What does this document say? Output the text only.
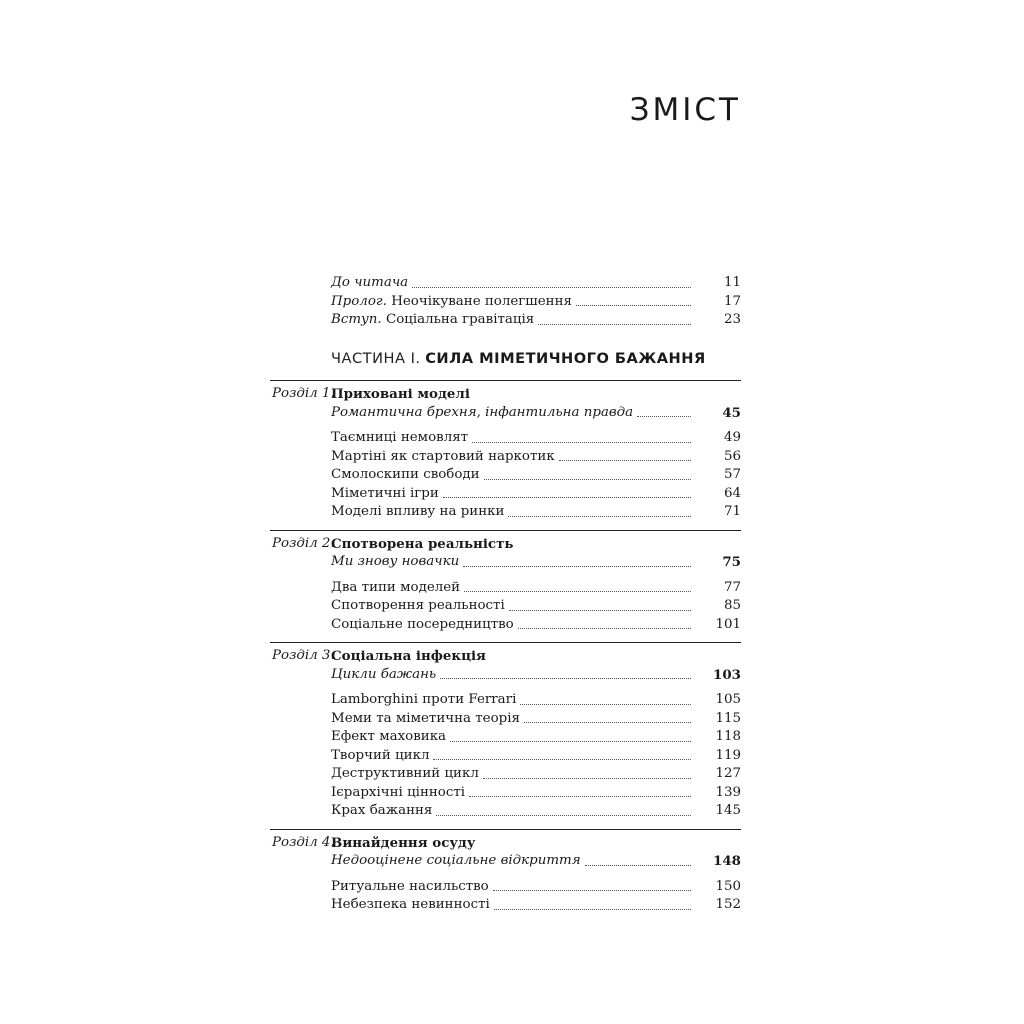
ЗМІСТ
До читача	11
Пролог. Неочікуване полегшення	17
Вступ. Соціальна гравітація	23
ЧАСТИНА І. СИЛА МІМЕТИЧНОГО БАЖАННЯ
Розділ 1.
Приховані моделі
Романтична брехня, інфантильна правда	45
Таємниці немовлят	49
Мартіні як стартовий наркотик	56
Смолоскипи свободи	57
Міметичні ігри	64
Моделі впливу на ринки	71
Розділ 2.
Спотворена реальність
Ми знову новачки	75
Два типи моделей	77
Спотворення реальності	85
Соціальне посередництво	101
Розділ 3.
Соціальна інфекція
Цикли бажань	103
Lamborghini проти Ferrari	105
Меми та міметична теорія	115
Ефект маховика	118
Творчий цикл	119
Деструктивний цикл	127
Ієрархічні цінності	139
Крах бажання	145
Розділ 4.
Винайдення осуду
Недооцінене соціальне відкриття	148
Ритуальне насильство	150
Небезпека невинності	152
